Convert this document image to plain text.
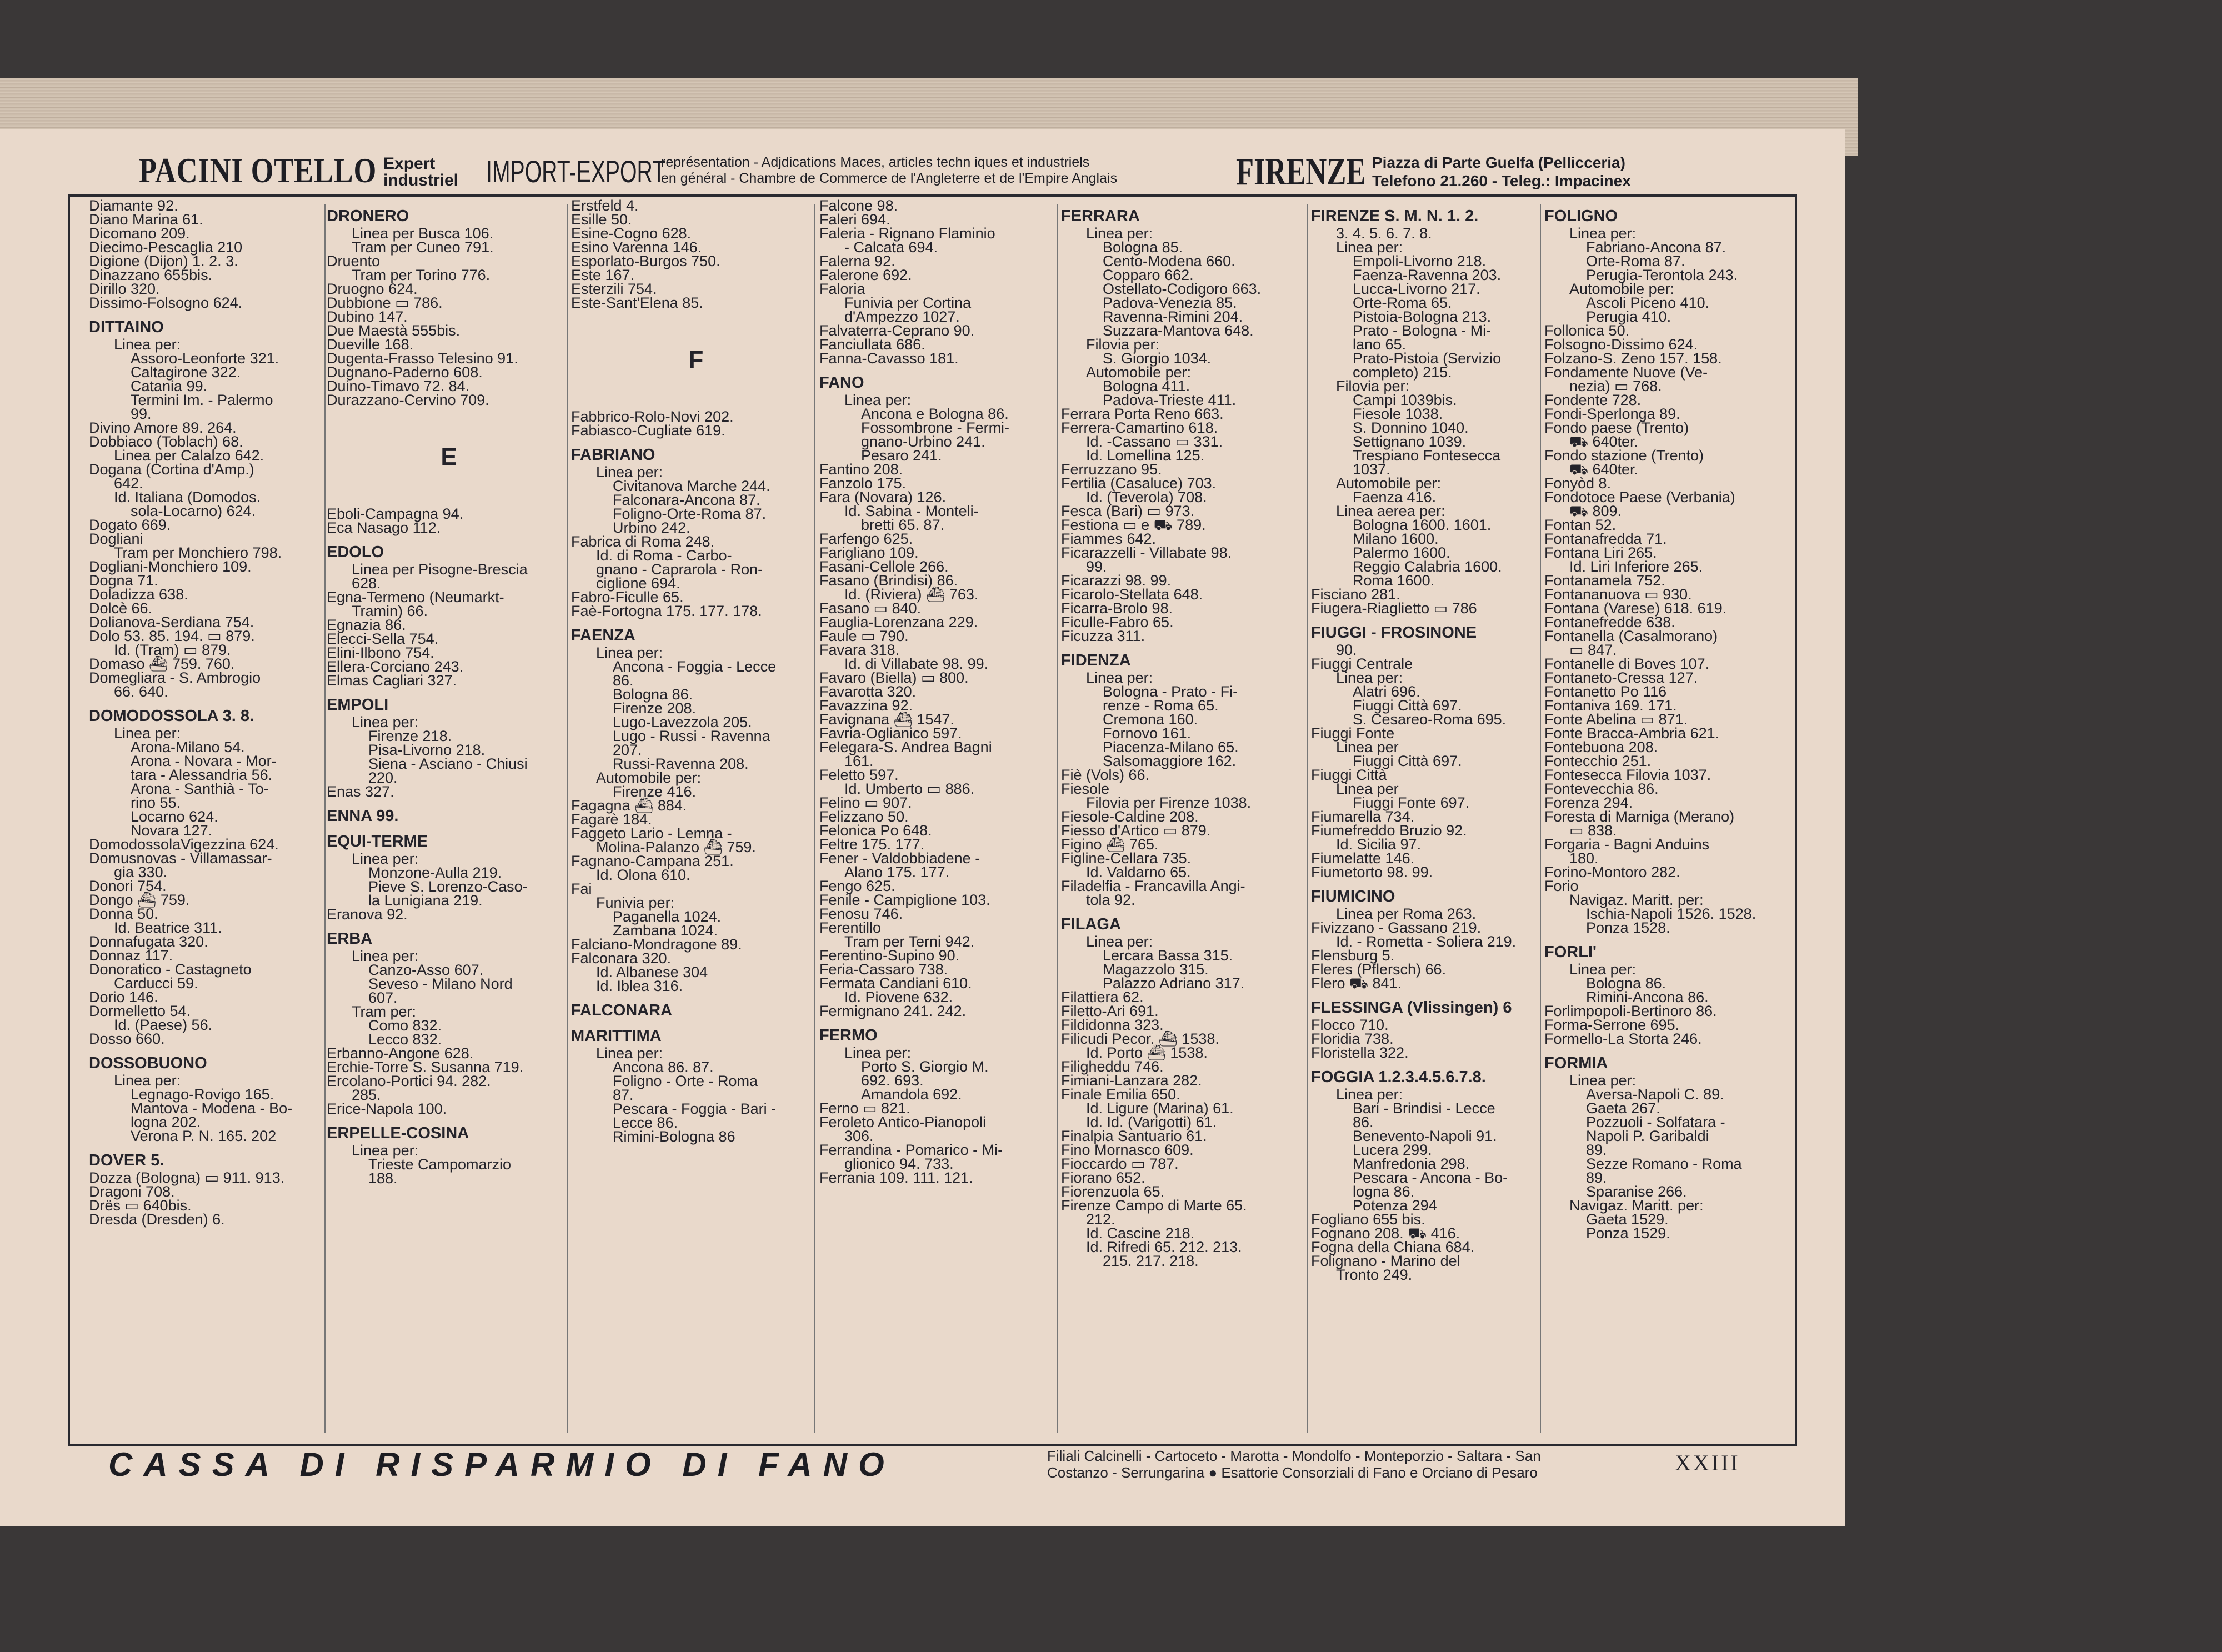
PACINI OTELLO Expert
industriel IMPORT-EXPORT
représentation - Adjdications Maces, articles techn iques et industriels
en général - Chambre de Commerce de l'Angleterre et de l'Empire Anglais	FIRENZE Piazza di Parte Guelfa (Pellicceria)
Telefono 21.260 - Teleg.: Impacinex
Diamante 92.
Diano Marina 61.
Dicomano 209.
Diecimo-Pescaglia 210
Digione (Dijon) 1. 2. 3.
Dinazzano 655bis.
Dirillo 320.
Dissimo-Folsogno 624.
DITTAINO
Linea per:
Assoro-Leonforte 321.
Caltagirone 322.
Catania 99.
Termini Im. - Palermo
99.
Divino Amore 89. 264.
Dobbiaco (Toblach) 68.
Linea per Calalzo 642.
Dogana (Cortina d'Amp.)
642.
Id. Italiana (Domodos.
sola-Locarno) 624.
Dogato 669.
Dogliani
Tram per Monchiero 798.
Dogliani-Monchiero 109.
Dogna 71.
Doladizza 638.
Dolcè 66.
Dolianova-Serdiana 754.
Dolo 53. 85. 194. ▭ 879.
Id. (Tram) ▭ 879.
Domaso ⛴ 759. 760.
Domegliara - S. Ambrogio
66. 640.
DOMODOSSOLA 3. 8.
Linea per:
Arona-Milano 54.
Arona - Novara - Mor-
tara - Alessandria 56.
Arona - Santhià - To-
rino 55.
Locarno 624.
Novara 127.
DomodossolaVigezzina 624.
Domusnovas - Villamassar-
gia 330.
Donori 754.
Dongo ⛴ 759.
Donna 50.
Id. Beatrice 311.
Donnafugata 320.
Donnaz 117.
Donoratico - Castagneto
Carducci 59.
Dorio 146.
Dormelletto 54.
Id. (Paese) 56.
Dosso 660.
DOSSOBUONO
Linea per:
Legnago-Rovigo 165.
Mantova - Modena - Bo-
logna 202.
Verona P. N. 165. 202
DOVER 5.
Dozza (Bologna) ▭ 911. 913.
Dragoni 708.
Drës ▭ 640bis.
Dresda (Dresden) 6.
DRONERO
Linea per Busca 106.
Tram per Cuneo 791.
Druento
Tram per Torino 776.
Druogno 624.
Dubbione ▭ 786.
Dubino 147.
Due Maestà 555bis.
Dueville 168.
Dugenta-Frasso Telesino 91.
Dugnano-Paderno 608.
Duino-Timavo 72. 84.
Durazzano-Cervino 709.
E
Eboli-Campagna 94.
Eca Nasago 112.
EDOLO
Linea per Pisogne-Brescia
628.
Egna-Termeno (Neumarkt-
Tramin) 66.
Egnazia 86.
Elecci-Sella 754.
Elini-Ilbono 754.
Ellera-Corciano 243.
Elmas Cagliari 327.
EMPOLI
Linea per:
Firenze 218.
Pisa-Livorno 218.
Siena - Asciano - Chiusi
220.
Enas 327.
ENNA 99.
EQUI-TERME
Linea per:
Monzone-Aulla 219.
Pieve S. Lorenzo-Caso-
la Lunigiana 219.
Eranova 92.
ERBA
Linea per:
Canzo-Asso 607.
Seveso - Milano Nord
607.
Tram per:
Como 832.
Lecco 832.
Erbanno-Angone 628.
Erchie-Torre S. Susanna 719.
Ercolano-Portici 94. 282.
285.
Erice-Napola 100.
ERPELLE-COSINA
Linea per:
Trieste Campomarzio
188.
Erstfeld 4.
Esille 50.
Esine-Cogno 628.
Esino Varenna 146.
Esporlato-Burgos 750.
Este 167.
Esterzili 754.
Este-Sant'Elena 85.
F
Fabbrico-Rolo-Novi 202.
Fabiasco-Cugliate 619.
FABRIANO
Linea per:
Civitanova Marche 244.
Falconara-Ancona 87.
Foligno-Orte-Roma 87.
Urbino 242.
Fabrica di Roma 248.
Id. di Roma - Carbo-
gnano - Caprarola - Ron-
ciglione 694.
Fabro-Ficulle 65.
Faè-Fortogna 175. 177. 178.
FAENZA
Linea per:
Ancona - Foggia - Lecce
86.
Bologna 86.
Firenze 208.
Lugo-Lavezzola 205.
Lugo - Russi - Ravenna
207.
Russi-Ravenna 208.
Automobile per:
Firenze 416.
Fagagna ⛴ 884.
Fagarè 184.
Faggeto Lario - Lemna -
Molina-Palanzo ⛴ 759.
Fagnano-Campana 251.
Id. Olona 610.
Fai
Funivia per:
Paganella 1024.
Zambana 1024.
Falciano-Mondragone 89.
Falconara 320.
Id. Albanese 304
Id. Iblea 316.
FALCONARA
MARITTIMA
Linea per:
Ancona 86. 87.
Foligno - Orte - Roma
87.
Pescara - Foggia - Bari -
Lecce 86.
Rimini-Bologna 86
Falcone 98.
Faleri 694.
Faleria - Rignano Flaminio
- Calcata 694.
Falerna 92.
Falerone 692.
Faloria
Funivia per Cortina
d'Ampezzo 1027.
Falvaterra-Ceprano 90.
Fanciullata 686.
Fanna-Cavasso 181.
FANO
Linea per:
Ancona e Bologna 86.
Fossombrone - Fermi-
gnano-Urbino 241.
Pesaro 241.
Fantino 208.
Fanzolo 175.
Fara (Novara) 126.
Id. Sabina - Monteli-
bretti 65. 87.
Farfengo 625.
Farigliano 109.
Fasani-Cellole 266.
Fasano (Brindisi) 86.
Id. (Riviera) ⛴ 763.
Fasano ▭ 840.
Fauglia-Lorenzana 229.
Faule ▭ 790.
Favara 318.
Id. di Villabate 98. 99.
Favaro (Biella) ▭ 800.
Favarotta 320.
Favazzina 92.
Favignana ⛴ 1547.
Favria-Oglianico 597.
Felegara-S. Andrea Bagni
161.
Feletto 597.
Id. Umberto ▭ 886.
Felino ▭ 907.
Felizzano 50.
Felonica Po 648.
Feltre 175. 177.
Fener - Valdobbiadene -
Alano 175. 177.
Fengo 625.
Fenile - Campiglione 103.
Fenosu 746.
Ferentillo
Tram per Terni 942.
Ferentino-Supino 90.
Feria-Cassaro 738.
Fermata Candiani 610.
Id. Piovene 632.
Fermignano 241. 242.
FERMO
Linea per:
Porto S. Giorgio M.
692. 693.
Amandola 692.
Ferno ▭ 821.
Feroleto Antico-Pianopoli
306.
Ferrandina - Pomarico - Mi-
glionico 94. 733.
Ferrania 109. 111. 121.
FERRARA
Linea per:
Bologna 85.
Cento-Modena 660.
Copparo 662.
Ostellato-Codigoro 663.
Padova-Venezia 85.
Ravenna-Rimini 204.
Suzzara-Mantova 648.
Filovia per:
S. Giorgio 1034.
Automobile per:
Bologna 411.
Padova-Trieste 411.
Ferrara Porta Reno 663.
Ferrera-Camartino 618.
Id. -Cassano ▭ 331.
Id. Lomellina 125.
Ferruzzano 95.
Fertilia (Casaluce) 703.
Id. (Teverola) 708.
Fesca (Bari) ▭ 973.
Festiona ▭ e ⛟ 789.
Fiammes 642.
Ficarazzelli - Villabate 98.
99.
Ficarazzi 98. 99.
Ficarolo-Stellata 648.
Ficarra-Brolo 98.
Ficulle-Fabro 65.
Ficuzza 311.
FIDENZA
Linea per:
Bologna - Prato - Fi-
renze - Roma 65.
Cremona 160.
Fornovo 161.
Piacenza-Milano 65.
Salsomaggiore 162.
Fiè (Vols) 66.
Fiesole
Filovia per Firenze 1038.
Fiesole-Caldine 208.
Fiesso d'Artico ▭ 879.
Figino ⛴ 765.
Figline-Cellara 735.
Id. Valdarno 65.
Filadelfia - Francavilla Angi-
tola 92.
FILAGA
Linea per:
Lercara Bassa 315.
Magazzolo 315.
Palazzo Adriano 317.
Filattiera 62.
Filetto-Ari 691.
Fildidonna 323.
Filicudi Pecor. ⛴ 1538.
Id. Porto ⛴ 1538.
Filigheddu 746.
Fimiani-Lanzara 282.
Finale Emilia 650.
Id. Ligure (Marina) 61.
Id. Id. (Varigotti) 61.
Finalpia Santuario 61.
Fino Mornasco 609.
Fioccardo ▭ 787.
Fiorano 652.
Fiorenzuola 65.
Firenze Campo di Marte 65.
212.
Id. Cascine 218.
Id. Rifredi 65. 212. 213.
215. 217. 218.
FIRENZE S. M. N. 1. 2.
3. 4. 5. 6. 7. 8.
Linea per:
Empoli-Livorno 218.
Faenza-Ravenna 203.
Lucca-Livorno 217.
Orte-Roma 65.
Pistoia-Bologna 213.
Prato - Bologna - Mi-
lano 65.
Prato-Pistoia (Servizio
completo) 215.
Filovia per:
Campi 1039bis.
Fiesole 1038.
S. Donnino 1040.
Settignano 1039.
Trespiano Fontesecca
1037.
Automobile per:
Faenza 416.
Linea aerea per:
Bologna 1600. 1601.
Milano 1600.
Palermo 1600.
Reggio Calabria 1600.
Roma 1600.
Fisciano 281.
Fiugera-Riaglietto ▭ 786
FIUGGI - FROSINONE
90.
Fiuggi Centrale
Linea per:
Alatri 696.
Fiuggi Città 697.
S. Cesareo-Roma 695.
Fiuggi Fonte
Linea per
Fiuggi Città 697.
Fiuggi Città
Linea per
Fiuggi Fonte 697.
Fiumarella 734.
Fiumefreddo Bruzio 92.
Id. Sicilia 97.
Fiumelatte 146.
Fiumetorto 98. 99.
FIUMICINO
Linea per Roma 263.
Fivizzano - Gassano 219.
Id. - Rometta - Soliera 219.
Flensburg 5.
Fleres (Pflersch) 66.
Flero ⛟ 841.
FLESSINGA (Vlissingen) 6
Flocco 710.
Floridia 738.
Floristella 322.
FOGGIA 1.2.3.4.5.6.7.8.
Linea per:
Bari - Brindisi - Lecce
86.
Benevento-Napoli 91.
Lucera 299.
Manfredonia 298.
Pescara - Ancona - Bo-
logna 86.
Potenza 294
Fogliano 655 bis.
Fognano 208. ⛟ 416.
Fogna della Chiana 684.
Folignano - Marino del
Tronto 249.
FOLIGNO
Linea per:
Fabriano-Ancona 87.
Orte-Roma 87.
Perugia-Terontola 243.
Automobile per:
Ascoli Piceno 410.
Perugia 410.
Follonica 50.
Folsogno-Dissimo 624.
Folzano-S. Zeno 157. 158.
Fondamente Nuove (Ve-
nezia) ▭ 768.
Fondente 728.
Fondi-Sperlonga 89.
Fondo paese (Trento)
⛟ 640ter.
Fondo stazione (Trento)
⛟ 640ter.
Fonyòd 8.
Fondotoce Paese (Verbania)
⛟ 809.
Fontan 52.
Fontanafredda 71.
Fontana Liri 265.
Id. Liri Inferiore 265.
Fontanamela 752.
Fontananuova ▭ 930.
Fontana (Varese) 618. 619.
Fontanefredde 638.
Fontanella (Casalmorano)
▭ 847.
Fontanelle di Boves 107.
Fontaneto-Cressa 127.
Fontanetto Po 116
Fontaniva 169. 171.
Fonte Abelina ▭ 871.
Fonte Bracca-Ambria 621.
Fontebuona 208.
Fontecchio 251.
Fontesecca Filovia 1037.
Fontevecchia 86.
Forenza 294.
Foresta di Marniga (Merano)
▭ 838.
Forgaria - Bagni Anduins
180.
Forino-Montoro 282.
Forio
Navigaz. Maritt. per:
Ischia-Napoli 1526. 1528.
Ponza 1528.
FORLI'
Linea per:
Bologna 86.
Rimini-Ancona 86.
Forlimpopoli-Bertinoro 86.
Forma-Serrone 695.
Formello-La Storta 246.
FORMIA
Linea per:
Aversa-Napoli C. 89.
Gaeta 267.
Pozzuoli - Solfatara -
Napoli P. Garibaldi
89.
Sezze Romano - Roma
89.
Sparanise 266.
Navigaz. Maritt. per:
Gaeta 1529.
Ponza 1529.
CASSA DI RISPARMIO DI FANO	Filiali Calcinelli - Cartoceto - Marotta - Mondolfo - Monteporzio - Saltara - San
Costanzo - Serrungarina ● Esattorie Consorziali di Fano e Orciano di Pesaro	XXIII
